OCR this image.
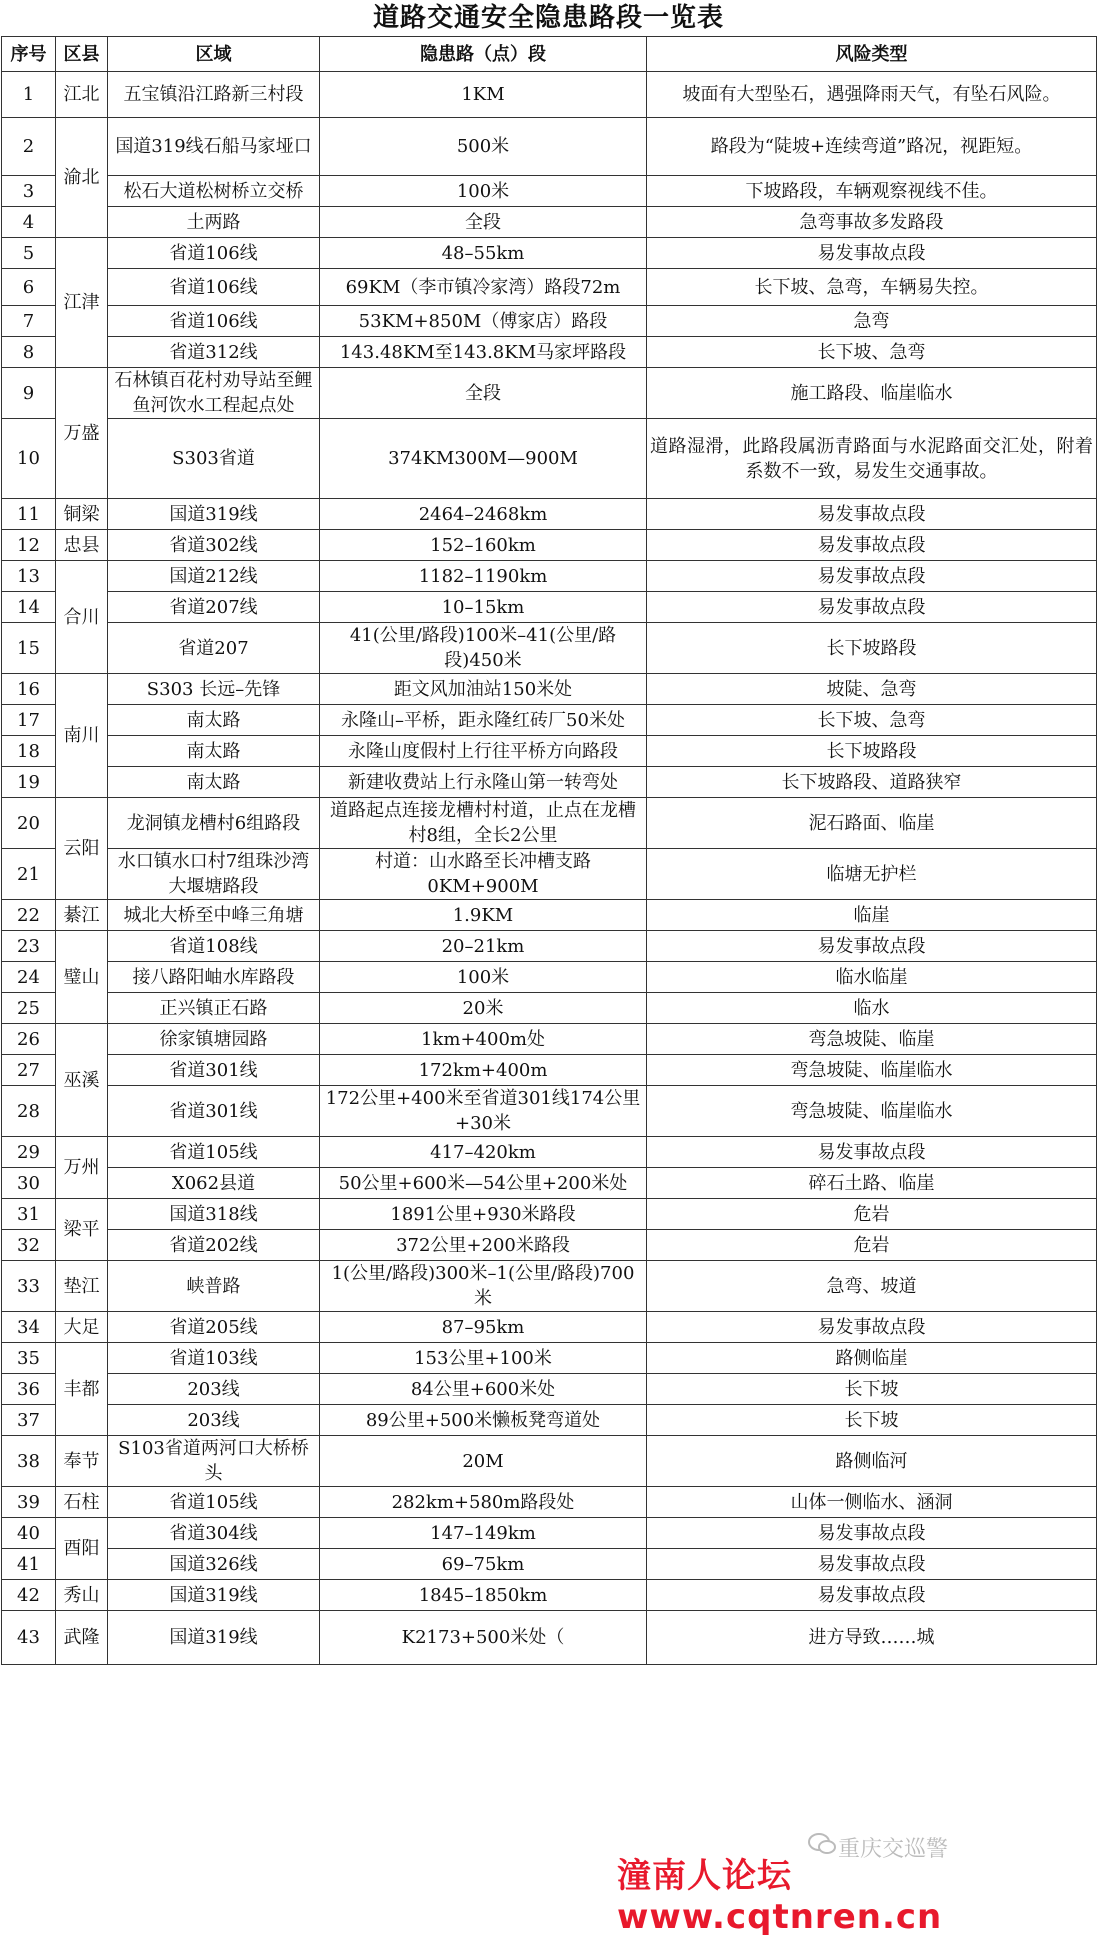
道路交通安全隐患路段一览表
序号	区县	区域	隐患路（点）段	风险类型
1	江北	五宝镇沿江路新三村段	1KM	坡面有大型坠石，遇强降雨天气，有坠石风险。
2	渝北	国道319线石船马家垭口	500米	路段为“陡坡+连续弯道”路况，视距短。
3		松石大道松树桥立交桥	100米	下坡路段，车辆观察视线不佳。
4		土两路	全段	急弯事故多发路段
5	江津	省道106线	48–55km	易发事故点段
6		省道106线	69KM（李市镇冷家湾）路段72m	长下坡、急弯，车辆易失控。
7		省道106线	53KM+850M（傅家店）路段	急弯
8		省道312线	143.48KM至143.8KM马家坪路段	长下坡、急弯
9	万盛	石林镇百花村劝导站至鲤鱼河饮水工程起点处	全段	施工路段、临崖临水
10		S303省道	374KM300M—900M	道路湿滑，此路段属沥青路面与水泥路面交汇处，附着系数不一致，易发生交通事故。
11	铜梁	国道319线	2464–2468km	易发事故点段
12	忠县	省道302线	152–160km	易发事故点段
13	合川	国道212线	1182–1190km	易发事故点段
14		省道207线	10–15km	易发事故点段
15		省道207	41(公里/路段)100米–41(公里/路段)450米	长下坡路段
16	南川	S303 长远–先锋	距文风加油站150米处	坡陡、急弯
17		南太路	永隆山–平桥，距永隆红砖厂50米处	长下坡、急弯
18		南太路	永隆山度假村上行往平桥方向路段	长下坡路段
19		南太路	新建收费站上行永隆山第一转弯处	长下坡路段、道路狭窄
20	云阳	龙洞镇龙槽村6组路段	道路起点连接龙槽村村道，止点在龙槽村8组，全长2公里	泥石路面、临崖
21		水口镇水口村7组珠沙湾大堰塘路段	村道：山水路至长冲槽支路0KM+900M	临塘无护栏
22	綦江	城北大桥至中峰三角塘	1.9KM	临崖
23	璧山	省道108线	20–21km	易发事故点段
24		接八路阳岫水库路段	100米	临水临崖
25		正兴镇正石路	20米	临水
26	巫溪	徐家镇塘园路	1km+400m处	弯急坡陡、临崖
27		省道301线	172km+400m	弯急坡陡、临崖临水
28		省道301线	172公里+400米至省道301线174公里+30米	弯急坡陡、临崖临水
29	万州	省道105线	417–420km	易发事故点段
30		X062县道	50公里+600米—54公里+200米处	碎石土路、临崖
31	梁平	国道318线	1891公里+930米路段	危岩
32		省道202线	372公里+200米路段	危岩
33	垫江	峡普路	1(公里/路段)300米–1(公里/路段)700米	急弯、坡道
34	大足	省道205线	87–95km	易发事故点段
35	丰都	省道103线	153公里+100米	路侧临崖
36		203线	84公里+600米处	长下坡
37		203线	89公里+500米懒板凳弯道处	长下坡
38	奉节	S103省道两河口大桥桥头	20M	路侧临河
39	石柱	省道105线	282km+580m路段处	山体一侧临水、涵洞
40	酉阳	省道304线	147–149km	易发事故点段
41		国道326线	69–75km	易发事故点段
42	秀山	国道319线	1845–1850km	易发事故点段
43	武隆	国道319线	K2173+500米处（	进方导致……城
重庆交巡警
潼南人论坛www.cqtnren.cn
